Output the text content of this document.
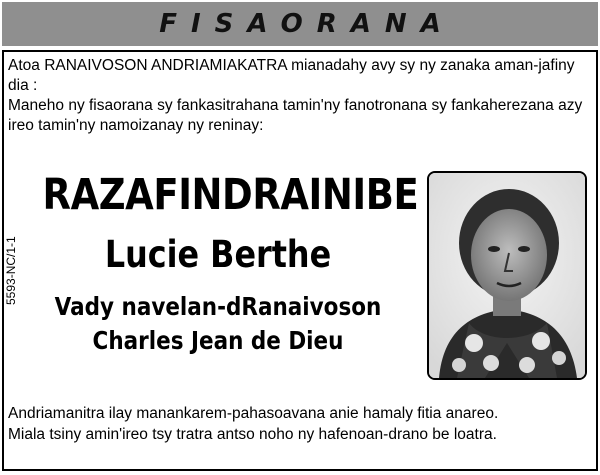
FISAORANA

Atoa RANAIVOSON ANDRIAMIAKATRA mianadahy avy sy ny zanaka aman-jafiny dia :

Maneho ny fisaorana sy fankasitrahana tamin'ny fanotronana sy fankaherezana azy ireo tamin'ny namoizanay ny reninay:

5593-NC/1-1
RAZAFINDRAINIBE
Lucie Berthe
Vady navelan-dRanaivoson
Charles Jean de Dieu

Andriamanitra ilay manankarem-pahasoavana anie hamaly fitia anareo.

Miala tsiny amin'ireo tsy tratra antso noho ny hafenoan-drano be loatra.
